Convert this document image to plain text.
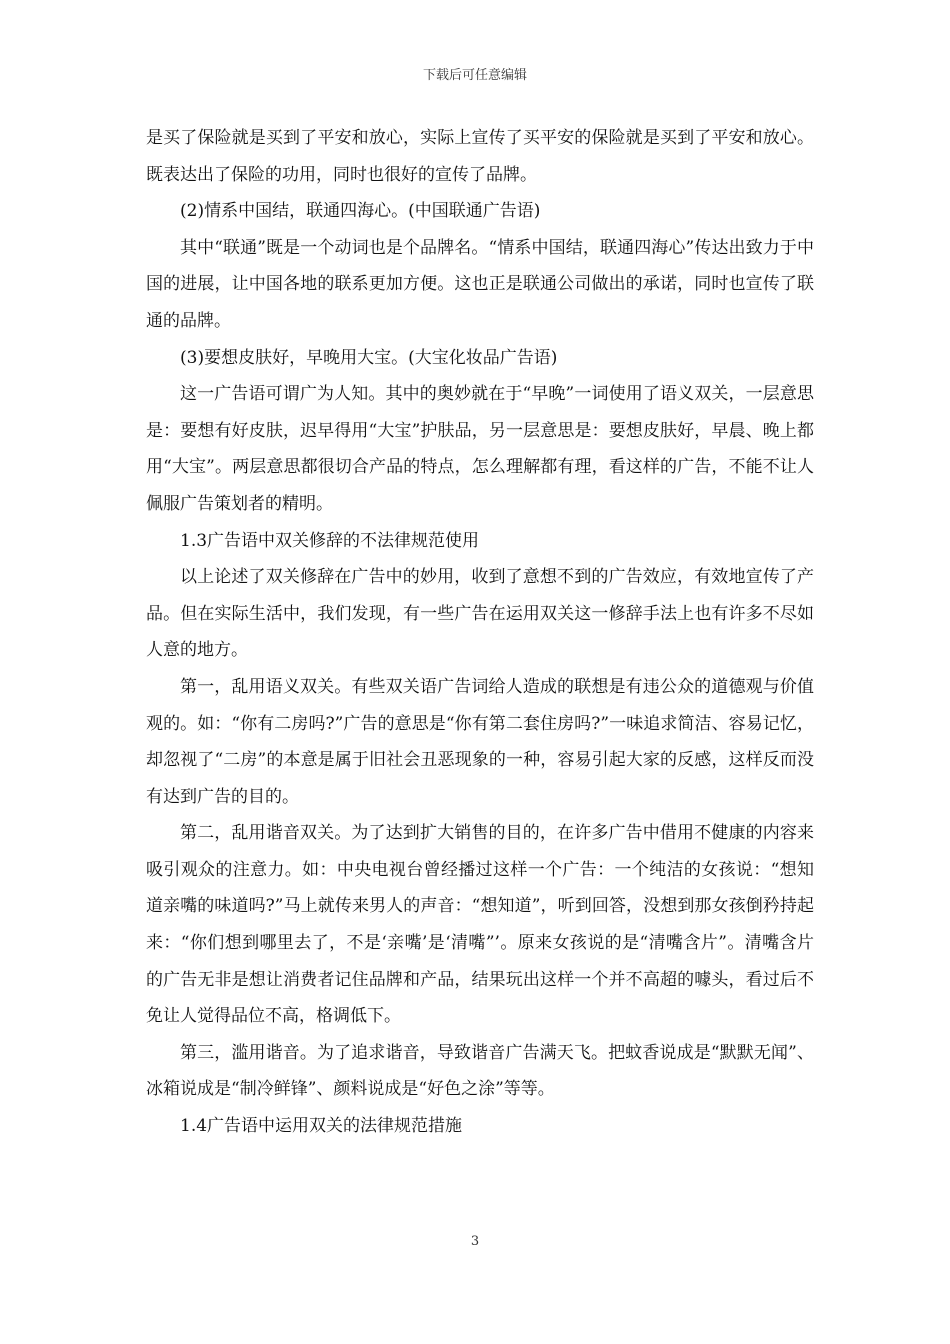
下载后可任意编辑

是买了保险就是买到了平安和放心，实际上宣传了买平安的保险就是买到了平安和放心。既表达出了保险的功用，同时也很好的宣传了品牌。

(2)情系中国结，联通四海心。(中国联通广告语)

其中“联通”既是一个动词也是个品牌名。“情系中国结，联通四海心”传达出致力于中国的进展，让中国各地的联系更加方便。这也正是联通公司做出的承诺，同时也宣传了联通的品牌。

(3)要想皮肤好，早晚用大宝。(大宝化妆品广告语)

这一广告语可谓广为人知。其中的奥妙就在于“早晚”一词使用了语义双关，一层意思是：要想有好皮肤，迟早得用“大宝”护肤品，另一层意思是：要想皮肤好，早晨、晚上都用“大宝”。两层意思都很切合产品的特点，怎么理解都有理，看这样的广告，不能不让人佩服广告策划者的精明。

1.3广告语中双关修辞的不法律规范使用

以上论述了双关修辞在广告中的妙用，收到了意想不到的广告效应，有效地宣传了产品。但在实际生活中，我们发现，有一些广告在运用双关这一修辞手法上也有许多不尽如人意的地方。

第一，乱用语义双关。有些双关语广告词给人造成的联想是有违公众的道德观与价值观的。如：“你有二房吗?”广告的意思是“你有第二套住房吗?”一味追求简洁、容易记忆，却忽视了“二房”的本意是属于旧社会丑恶现象的一种，容易引起大家的反感，这样反而没有达到广告的目的。

第二，乱用谐音双关。为了达到扩大销售的目的，在许多广告中借用不健康的内容来吸引观众的注意力。如：中央电视台曾经播过这样一个广告：一个纯洁的女孩说：“想知道亲嘴的味道吗?”马上就传来男人的声音：“想知道”，听到回答，没想到那女孩倒矜持起来：“你们想到哪里去了，不是‘亲嘴’是‘清嘴”’。原来女孩说的是“清嘴含片”。清嘴含片的广告无非是想让消费者记住品牌和产品，结果玩出这样一个并不高超的噱头，看过后不免让人觉得品位不高，格调低下。

第三，滥用谐音。为了追求谐音，导致谐音广告满天飞。把蚊香说成是“默默无闻”、冰箱说成是“制冷鲜锋”、颜料说成是“好色之涂”等等。

1.4广告语中运用双关的法律规范措施

3
